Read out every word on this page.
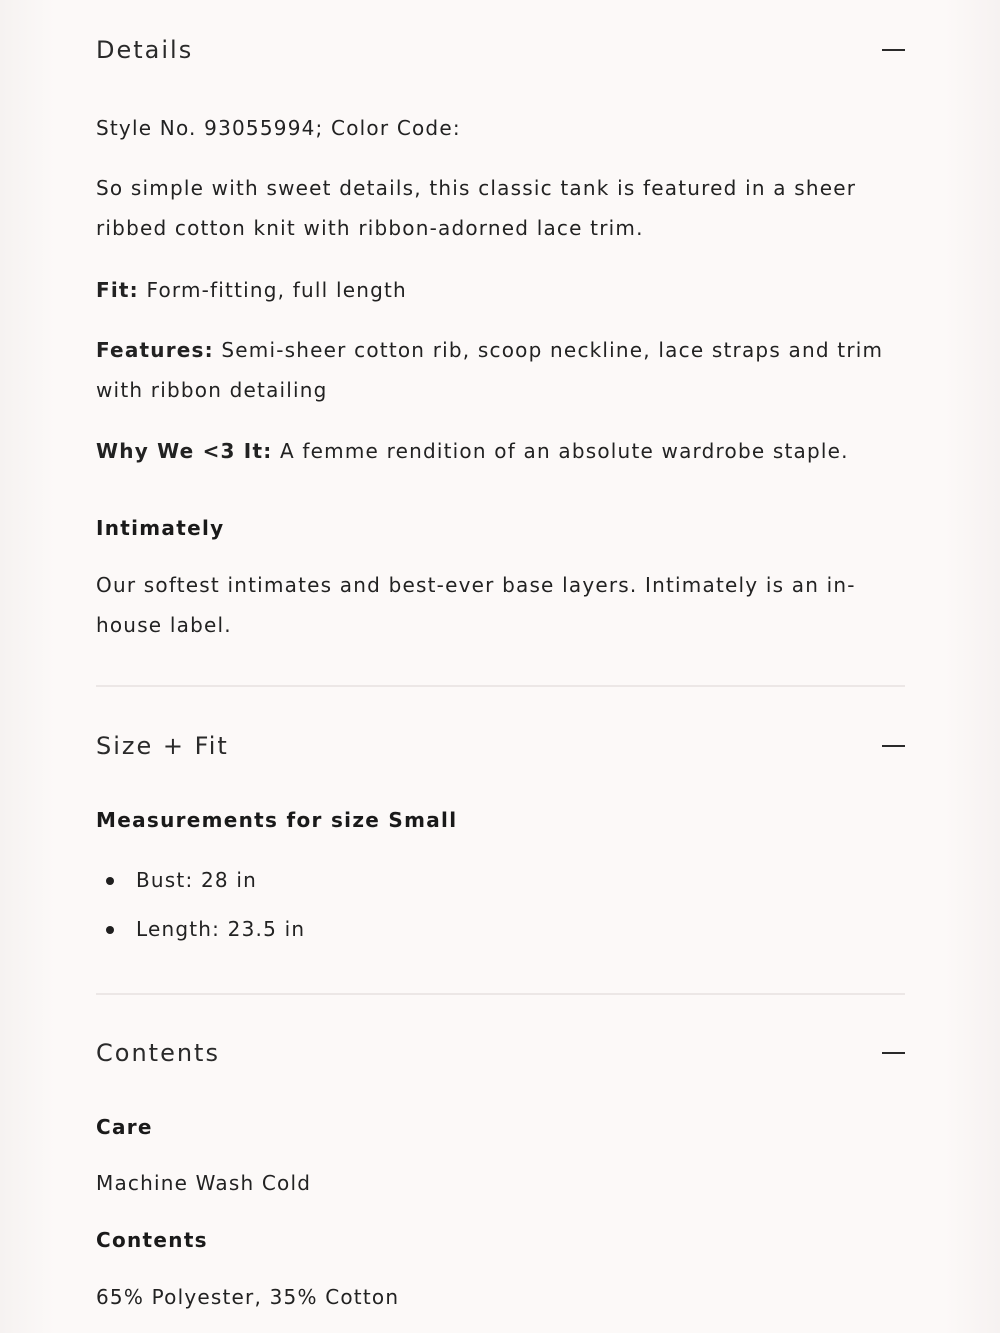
Details

Style No. 93055994; Color Code:

So simple with sweet details, this classic tank is featured in a sheer ribbed cotton knit with ribbon-adorned lace trim.

Fit: Form-fitting, full length

Features: Semi-sheer cotton rib, scoop neckline, lace straps and trim with ribbon detailing

Why We <3 It: A femme rendition of an absolute wardrobe staple.

Intimately

Our softest intimates and best-ever base layers. Intimately is an in-house label.

Size + Fit

Measurements for size Small

Bust: 28 in
Length: 23.5 in
Contents

Care

Machine Wash Cold

Contents

65% Polyester, 35% Cotton
